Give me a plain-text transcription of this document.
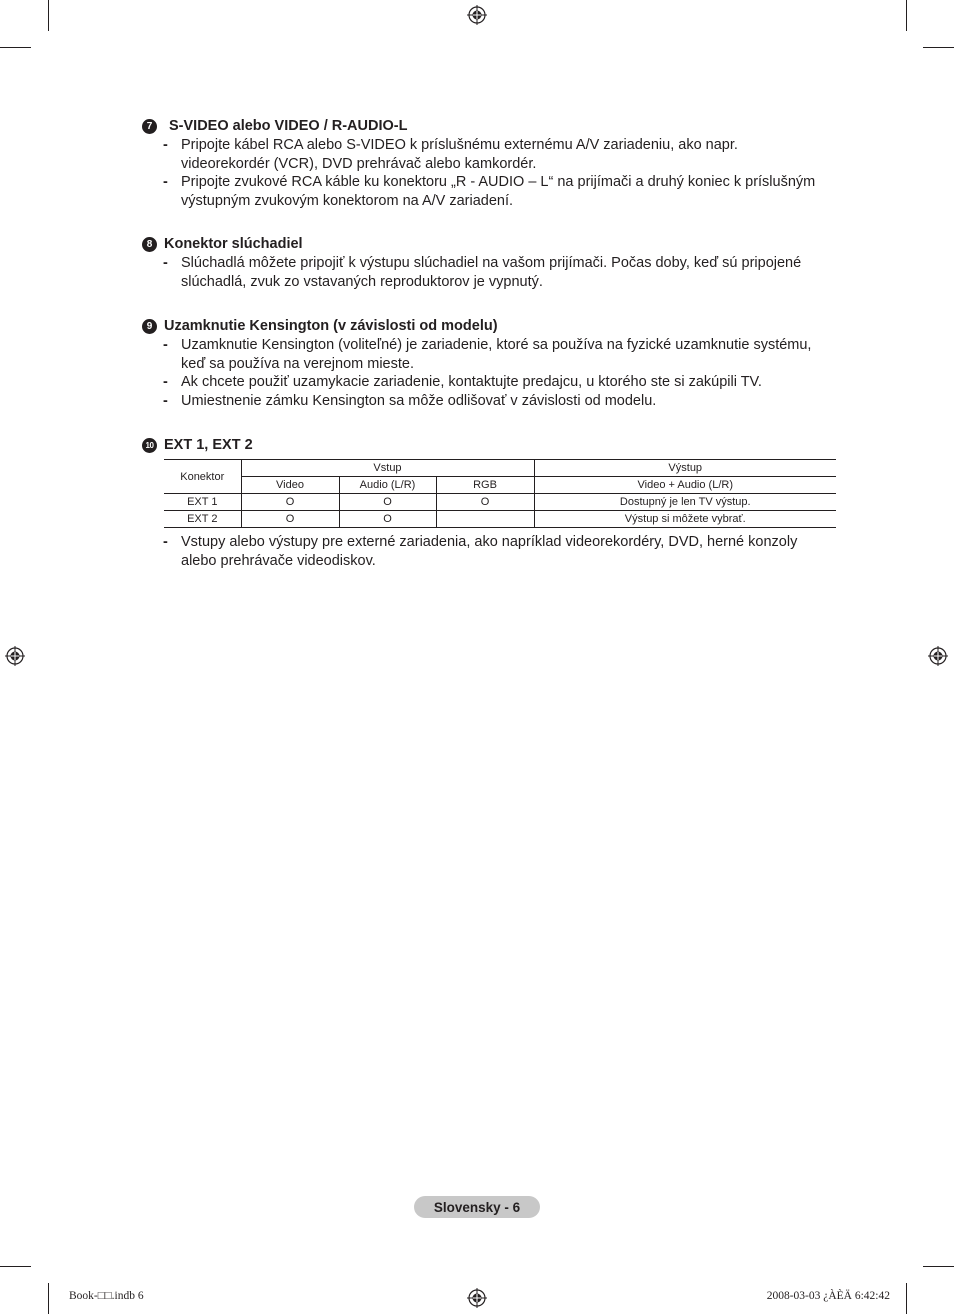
7	S-VIDEO alebo VIDEO / R-AUDIO-L
- Pripojte kábel RCA alebo S-VIDEO k príslušnému externému A/V zariadeniu, ako napr.
videorekordér (VCR), DVD prehrávač alebo kamkordér.
- Pripojte zvukové RCA káble ku konektoru „R - AUDIO – L“ na prijímači a druhý koniec k príslušným
výstupným zvukovým konektorom na A/V zariadení.
8 Konektor slúchadiel
- Slúchadlá môžete pripojiť k výstupu slúchadiel na vašom prijímači. Počas doby, keď sú pripojené
slúchadlá, zvuk zo vstavaných reproduktorov je vypnutý.
9 Uzamknutie Kensington (v závislosti od modelu)
- Uzamknutie Kensington (voliteľné) je zariadenie, ktoré sa používa na fyzické uzamknutie systému,
keď sa používa na verejnom mieste.
- Ak chcete použiť uzamykacie zariadenie, kontaktujte predajcu, u ktorého ste si zakúpili TV.
- Umiestnenie zámku Kensington sa môže odlišovať v závislosti od modelu.
10 EXT 1, EXT 2
Konektor	Vstup			Výstup
	Video	Audio (L/R)	RGB	Video + Audio (L/R)
EXT 1	O	O	O	Dostupný je len TV výstup.
EXT 2	O	O		Výstup si môžete vybrať.
- Vstupy alebo výstupy pre externé zariadenia, ako napríklad videorekordéry, DVD, herné konzoly
alebo prehrávače videodiskov.
Slovensky - 6
Book-□□.indb 6	2008-03-03 ¿ÀÈÄ 6:42:42
